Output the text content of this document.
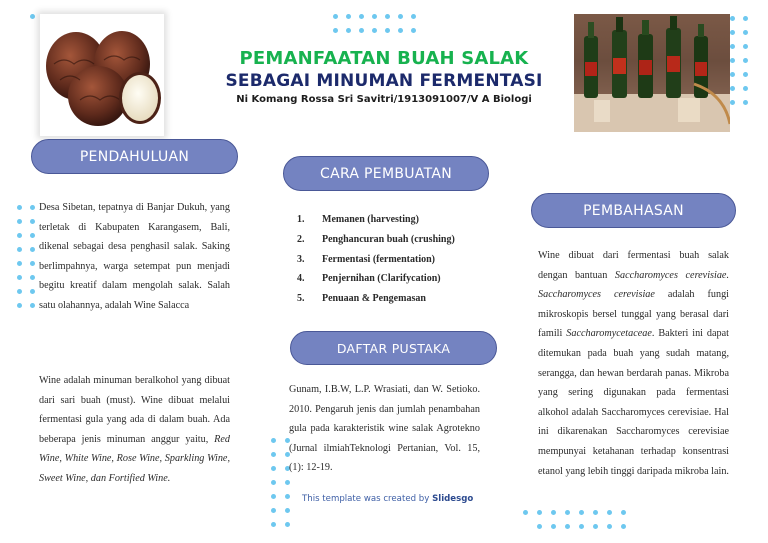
PEMANFAATAN BUAH SALAK
SEBAGAI MINUMAN FERMENTASI
Ni Komang Rossa Sri Savitri/1913091007/V A Biologi
PENDAHULUAN
Desa Sibetan, tepatnya di Banjar Dukuh, yang terletak di Kabupaten Karangasem, Bali, dikenal sebagai desa penghasil salak. Saking berlimpahnya, warga setempat pun menjadi begitu kreatif dalam mengolah salak. Salah satu olahannya, adalah Wine Salacca
Wine adalah minuman beralkohol yang dibuat dari sari buah (must). Wine dibuat melalui fermentasi gula yang ada di dalam buah. Ada beberapa jenis minuman anggur yaitu, Red Wine, White Wine, Rose Wine, Sparkling Wine, Sweet Wine, dan Fortified Wine.
CARA PEMBUATAN
1.	Memanen (harvesting)
2.	Penghancuran buah (crushing)
3.	Fermentasi (fermentation)
4.	Penjernihan (Clarifycation)
5.	Penuaan & Pengemasan
DAFTAR PUSTAKA
Gunam, I.B.W, L.P. Wrasiati, dan W. Setioko. 2010. Pengaruh jenis dan jumlah penambahan gula pada karakteristik wine salak Agrotekno (Jurnal ilmiahTeknologi Pertanian, Vol. 15, (1): 12-19.
This template was created by Slidesgo
PEMBAHASAN
Wine dibuat dari fermentasi buah salak dengan bantuan Saccharomyces cerevisiae. Saccharomyces cerevisiae adalah fungi mikroskopis bersel tunggal yang berasal dari famili Saccharomycetaceae. Bakteri ini dapat ditemukan pada buah yang sudah matang, serangga, dan hewan berdarah panas. Mikroba yang sering digunakan pada fermentasi alkohol adalah Saccharomyces cerevisiae. Hal ini dikarenakan Saccharomyces cerevisiae mempunyai ketahanan terhadap konsentrasi etanol yang lebih tinggi daripada mikroba lain.
